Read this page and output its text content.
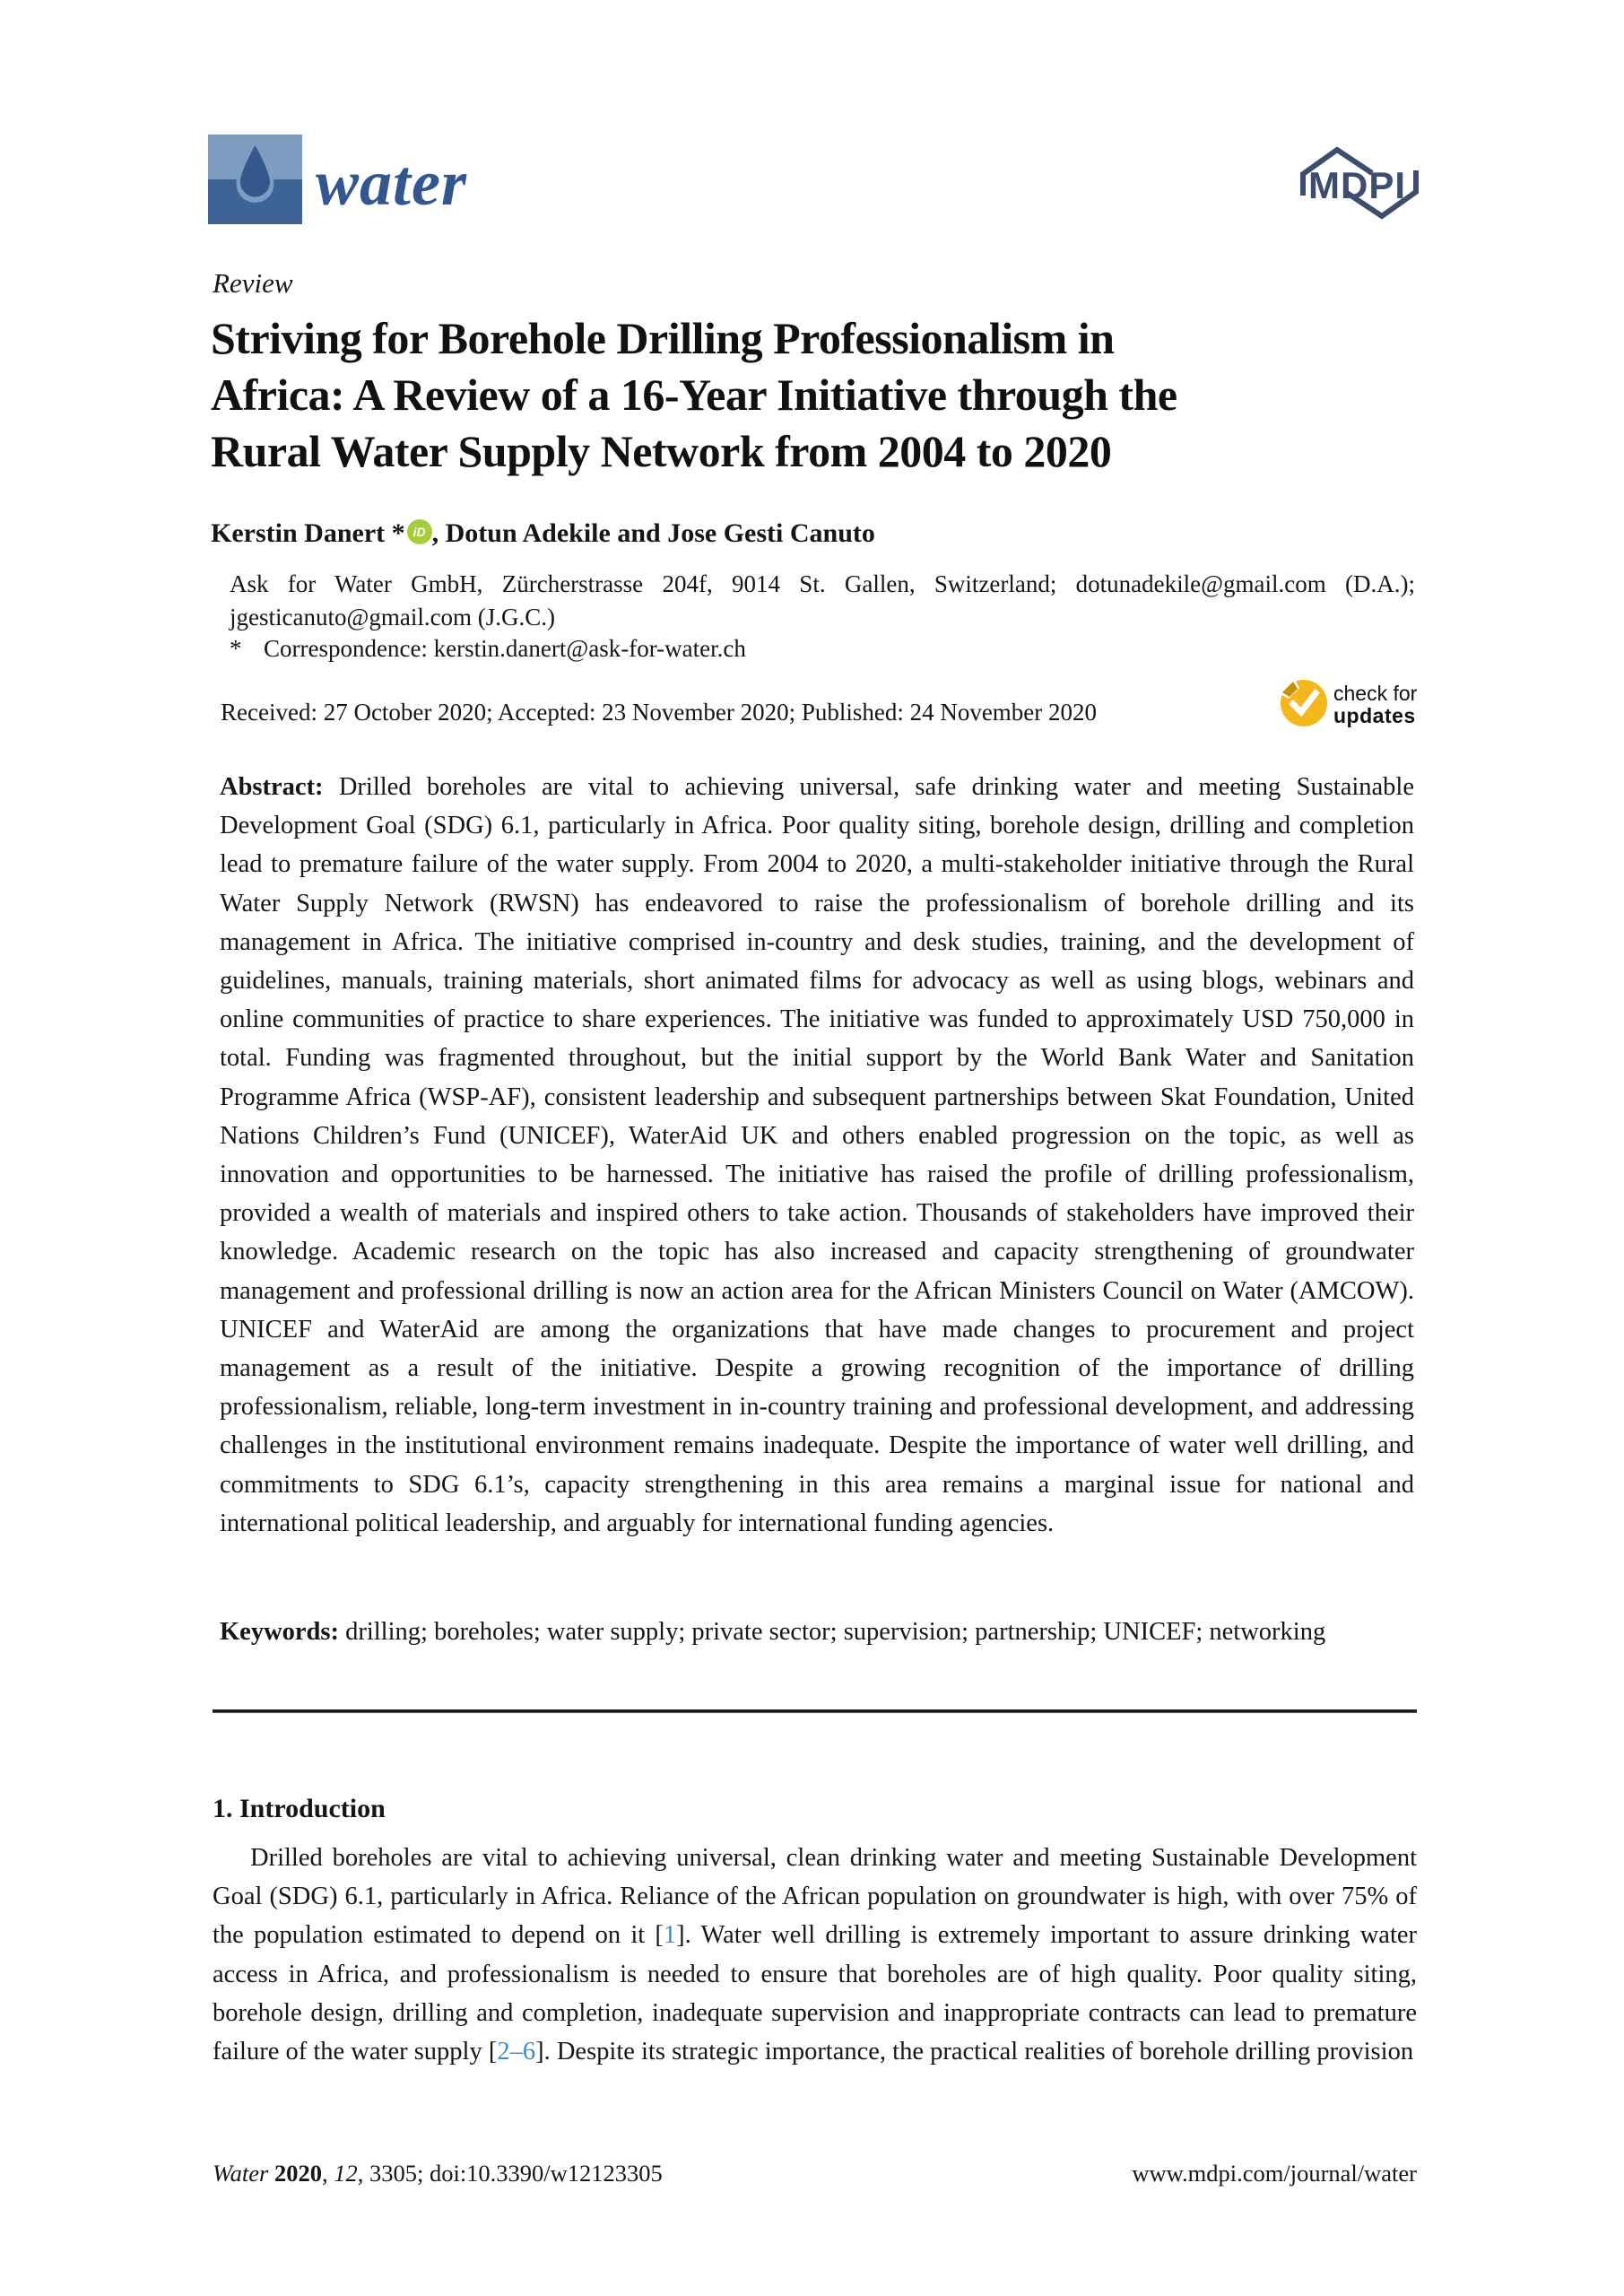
water	MDPI
Review
Striving for Borehole Drilling Professionalism in
Africa: A Review of a 16-Year Initiative through the
Rural Water Supply Network from 2004 to 2020
Kerstin Danert * iD , Dotun Adekile and Jose Gesti Canuto
Ask for Water GmbH, Zürcherstrasse 204f, 9014 St. Gallen, Switzerland; dotunadekile@gmail.com (D.A.); jgesticanuto@gmail.com (J.G.C.)
* Correspondence: kerstin.danert@ask-for-water.ch
Received: 27 October 2020; Accepted: 23 November 2020; Published: 24 November 2020
check for
updates
Abstract: Drilled boreholes are vital to achieving universal, safe drinking water and meeting Sustainable Development Goal (SDG) 6.1, particularly in Africa. Poor quality siting, borehole design, drilling and completion lead to premature failure of the water supply. From 2004 to 2020, a multi-stakeholder initiative through the Rural Water Supply Network (RWSN) has endeavored to raise the professionalism of borehole drilling and its management in Africa. The initiative comprised in-country and desk studies, training, and the development of guidelines, manuals, training materials, short animated films for advocacy as well as using blogs, webinars and online communities of practice to share experiences. The initiative was funded to approximately USD 750,000 in total. Funding was fragmented throughout, but the initial support by the World Bank Water and Sanitation Programme Africa (WSP-AF), consistent leadership and subsequent partnerships between Skat Foundation, United Nations Children’s Fund (UNICEF), WaterAid UK and others enabled progression on the topic, as well as innovation and opportunities to be harnessed. The initiative has raised the profile of drilling professionalism, provided a wealth of materials and inspired others to take action. Thousands of stakeholders have improved their knowledge. Academic research on the topic has also increased and capacity strengthening of groundwater management and professional drilling is now an action area for the African Ministers Council on Water (AMCOW). UNICEF and WaterAid are among the organizations that have made changes to procurement and project management as a result of the initiative. Despite a growing recognition of the importance of drilling professionalism, reliable, long-term investment in in-country training and professional development, and addressing challenges in the institutional environment remains inadequate. Despite the importance of water well drilling, and commitments to SDG 6.1’s, capacity strengthening in this area remains a marginal issue for national and international political leadership, and arguably for international funding agencies.
Keywords: drilling; boreholes; water supply; private sector; supervision; partnership; UNICEF; networking
1. Introduction
Drilled boreholes are vital to achieving universal, clean drinking water and meeting Sustainable Development Goal (SDG) 6.1, particularly in Africa. Reliance of the African population on groundwater is high, with over 75% of the population estimated to depend on it [1]. Water well drilling is extremely important to assure drinking water access in Africa, and professionalism is needed to ensure that boreholes are of high quality. Poor quality siting, borehole design, drilling and completion, inadequate supervision and inappropriate contracts can lead to premature failure of the water supply [2–6]. Despite its strategic importance, the practical realities of borehole drilling provision
Water 2020, 12, 3305; doi:10.3390/w12123305	www.mdpi.com/journal/water
